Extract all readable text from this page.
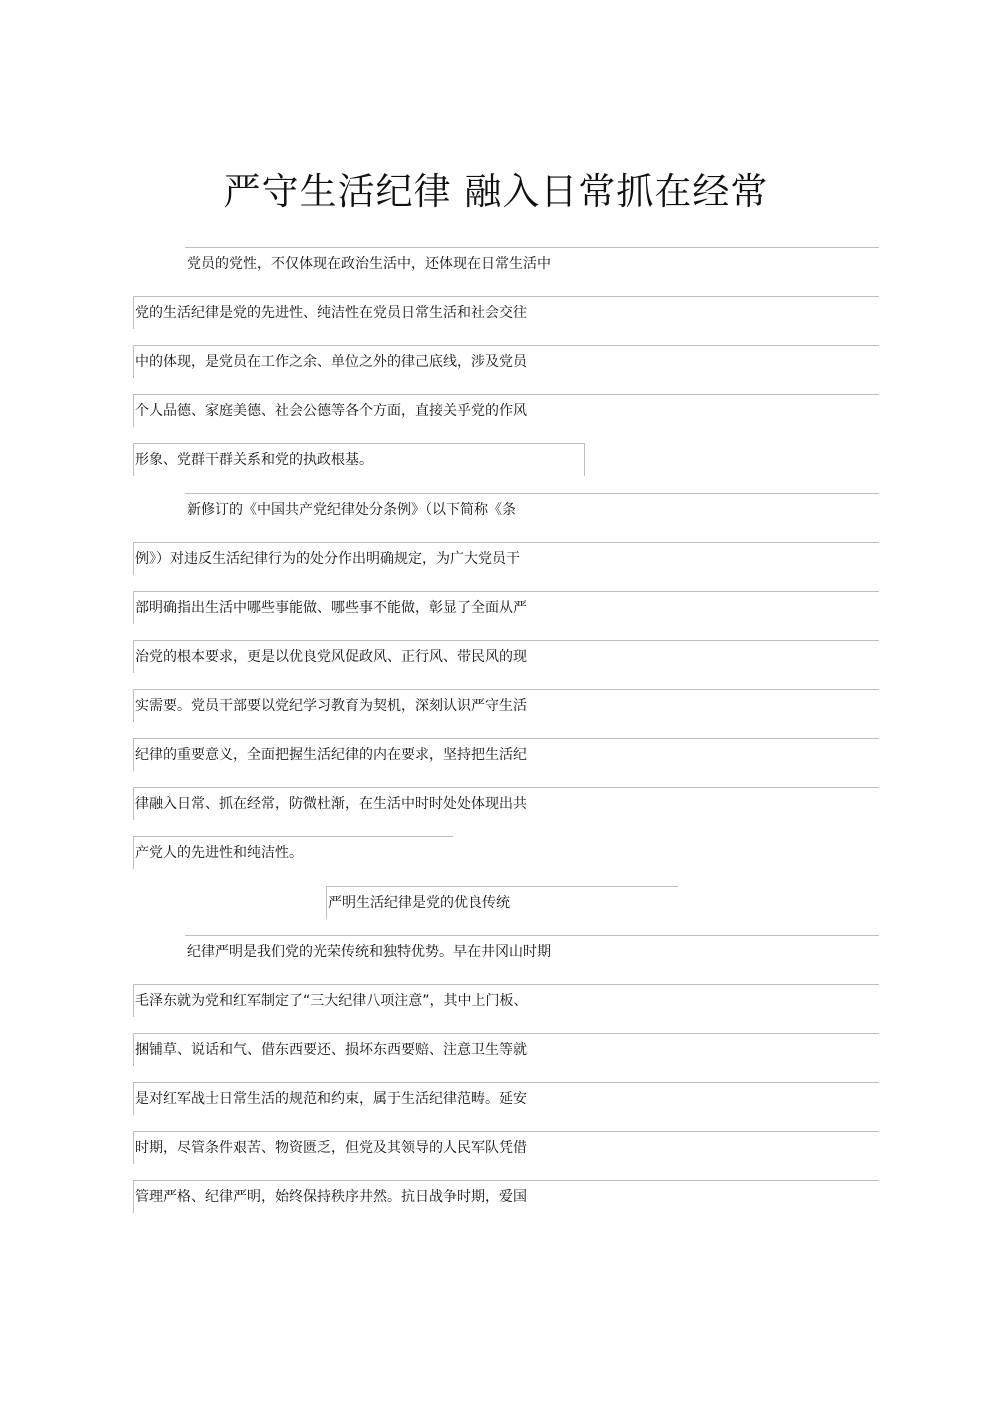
严守生活纪律 融入日常抓在经常
党员的党性，不仅体现在政治生活中，还体现在日常生活中
党的生活纪律是党的先进性、纯洁性在党员日常生活和社会交往
中的体现，是党员在工作之余、单位之外的律己底线，涉及党员
个人品德、家庭美德、社会公德等各个方面，直接关乎党的作风
形象、党群干群关系和党的执政根基。
新修订的《中国共产党纪律处分条例》（以下简称《条
例》）对违反生活纪律行为的处分作出明确规定，为广大党员干
部明确指出生活中哪些事能做、哪些事不能做，彰显了全面从严
治党的根本要求，更是以优良党风促政风、正行风、带民风的现
实需要。党员干部要以党纪学习教育为契机，深刻认识严守生活
纪律的重要意义，全面把握生活纪律的内在要求，坚持把生活纪
律融入日常、抓在经常，防微杜渐，在生活中时时处处体现出共
产党人的先进性和纯洁性。
严明生活纪律是党的优良传统
纪律严明是我们党的光荣传统和独特优势。早在井冈山时期
毛泽东就为党和红军制定了“三大纪律八项注意”，其中上门板、
捆铺草、说话和气、借东西要还、损坏东西要赔、注意卫生等就
是对红军战士日常生活的规范和约束，属于生活纪律范畴。延安
时期，尽管条件艰苦、物资匮乏，但党及其领导的人民军队凭借
管理严格、纪律严明，始终保持秩序井然。抗日战争时期，爱国
